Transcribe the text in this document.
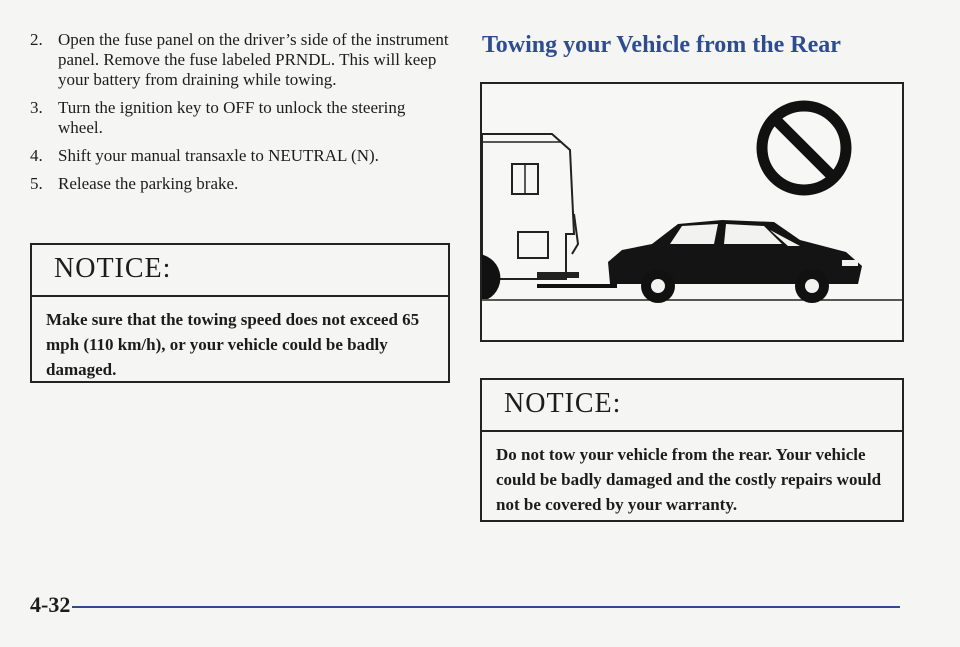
2. Open the fuse panel on the driver’s side of the instrument panel. Remove the fuse labeled PRNDL. This will keep your battery from draining while towing.
3. Turn the ignition key to OFF to unlock the steering wheel.
4. Shift your manual transaxle to NEUTRAL (N).
5. Release the parking brake.
NOTICE:
Make sure that the towing speed does not exceed 65 mph (110 km/h), or your vehicle could be badly damaged.
Towing your Vehicle from the Rear
NOTICE:
Do not tow your vehicle from the rear. Your vehicle could be badly damaged and the costly repairs would not be covered by your warranty.
4-32
